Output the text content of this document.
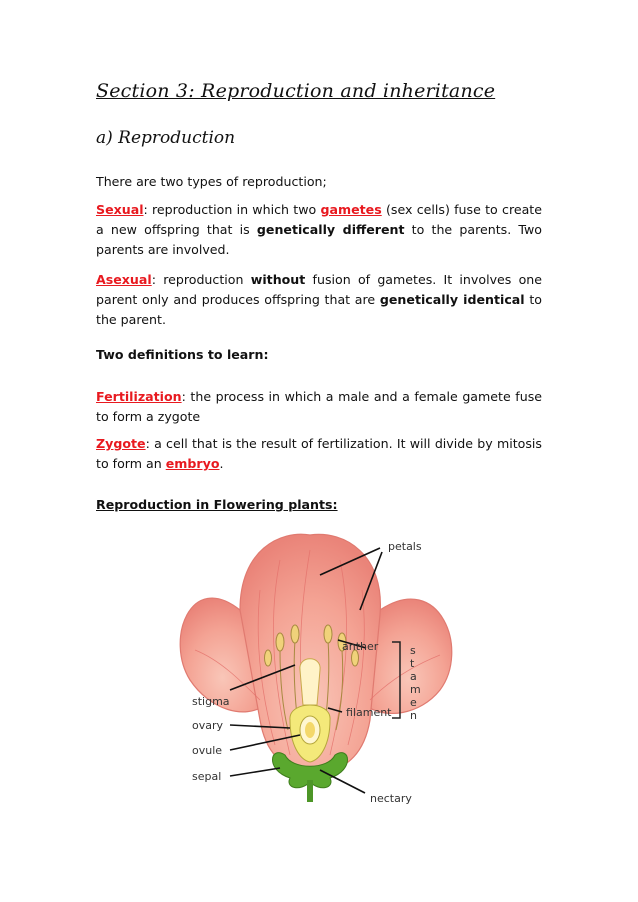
Section 3: Reproduction and inheritance
a) Reproduction

There are two types of reproduction;

Sexual: reproduction in which two gametes (sex cells) fuse to create a new offspring that is genetically different to the parents. Two parents are involved.

Asexual: reproduction without fusion of gametes. It involves one parent only and produces offspring that are genetically identical to the parent.

Two definitions to learn:

Fertilization: the process in which a male and a female gamete fuse to form a zygote

Zygote: a cell that is the result of fertilization. It will divide by mitosis to form an embryo.

Reproduction in Flowering plants:

petals
anther	s
t
a
m
e
n
stigma
ovary
ovule
sepal
filament
nectary
